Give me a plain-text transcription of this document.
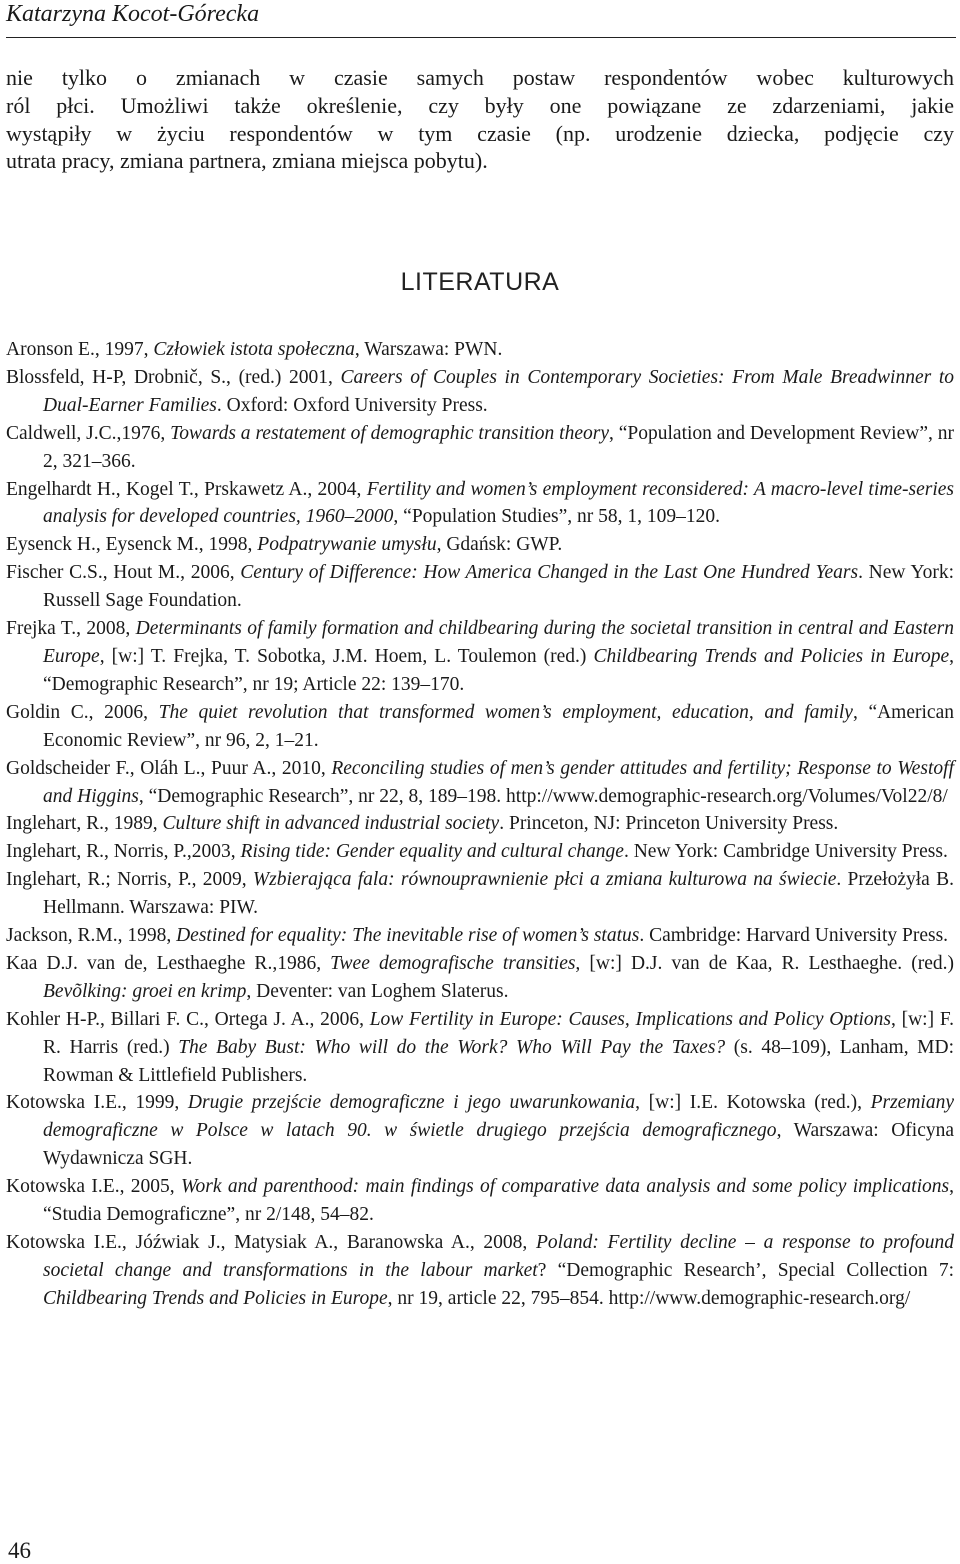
Katarzyna Kocot-Górecka
nie tylko o zmianach w czasie samych postaw respondentów wobec kulturowych
ról płci. Umożliwi także określenie, czy były one powiązane ze zdarzeniami, jakie
wystąpiły w życiu respondentów w tym czasie (np. urodzenie dziecka, podjęcie czy
utrata pracy, zmiana partnera, zmiana miejsca pobytu).
LITERATURA

Aronson E., 1997, Człowiek istota społeczna, Warszawa: PWN.

Blossfeld, H-P, Drobnič, S., (red.) 2001, Careers of Couples in Contemporary Societies: From Male Breadwinner to Dual-Earner Families. Oxford: Oxford University Press.

Caldwell, J.C.,1976, Towards a restatement of demographic transition theory, “Population and Development Review”, nr 2, 321–366.

Engelhardt H., Kogel T., Prskawetz A., 2004, Fertility and women’s employment reconsidered: A macro-level time-series analysis for developed countries, 1960–2000, “Population Studies”, nr 58, 1, 109–120.

Eysenck H., Eysenck M., 1998, Podpatrywanie umysłu, Gdańsk: GWP.

Fischer C.S., Hout M., 2006, Century of Difference: How America Changed in the Last One Hundred Years. New York: Russell Sage Foundation.

Frejka T., 2008, Determinants of family formation and childbearing during the societal transition in central and Eastern Europe, [w:] T. Frejka, T. Sobotka, J.M. Hoem, L. Toulemon (red.) Childbearing Trends and Policies in Europe, “Demographic Research”, nr 19; Article 22: 139–170.

Goldin C., 2006, The quiet revolution that transformed women’s employment, education, and family, “American Economic Review”, nr 96, 2, 1–21.

Goldscheider F., Oláh L., Puur A., 2010, Reconciling studies of men’s gender attitudes and fertility; Response to Westoff and Higgins, “Demographic Research”, nr 22, 8, 189–198. http://www.demographic-research.org/Volumes/Vol22/8/

Inglehart, R., 1989, Culture shift in advanced industrial society. Princeton, NJ: Princeton University Press.

Inglehart, R., Norris, P.,2003, Rising tide: Gender equality and cultural change. New York: Cambridge University Press.

Inglehart, R.; Norris, P., 2009, Wzbierająca fala: równouprawnienie płci a zmiana kulturowa na świecie. Przełożyła B. Hellmann. Warszawa: PIW.

Jackson, R.M., 1998, Destined for equality: The inevitable rise of women’s status. Cambridge: Harvard University Press.

Kaa D.J. van de, Lesthaeghe R.,1986, Twee demografische transities, [w:] D.J. van de Kaa, R. Lesthaeghe. (red.) Bevõlking: groei en krimp, Deventer: van Loghem Slaterus.

Kohler H-P., Billari F. C., Ortega J. A., 2006, Low Fertility in Europe: Causes, Implications and Policy Options, [w:] F. R. Harris (red.) The Baby Bust: Who will do the Work? Who Will Pay the Taxes? (s. 48–109), Lanham, MD: Rowman & Littlefield Publishers.

Kotowska I.E., 1999, Drugie przejście demograficzne i jego uwarunkowania, [w:] I.E. Kotowska (red.), Przemiany demograficzne w Polsce w latach 90. w świetle drugiego przejścia demograficznego, Warszawa: Oficyna Wydawnicza SGH.

Kotowska I.E., 2005, Work and parenthood: main findings of comparative data analysis and some policy implications, “Studia Demograficzne”, nr 2/148, 54–82.

Kotowska I.E., Jóźwiak J., Matysiak A., Baranowska A., 2008, Poland: Fertility decline – a response to profound societal change and transformations in the labour market? “Demographic Research’, Special Collection 7: Childbearing Trends and Policies in Europe, nr 19, article 22, 795–854. http://www.demographic-research.org/

46
